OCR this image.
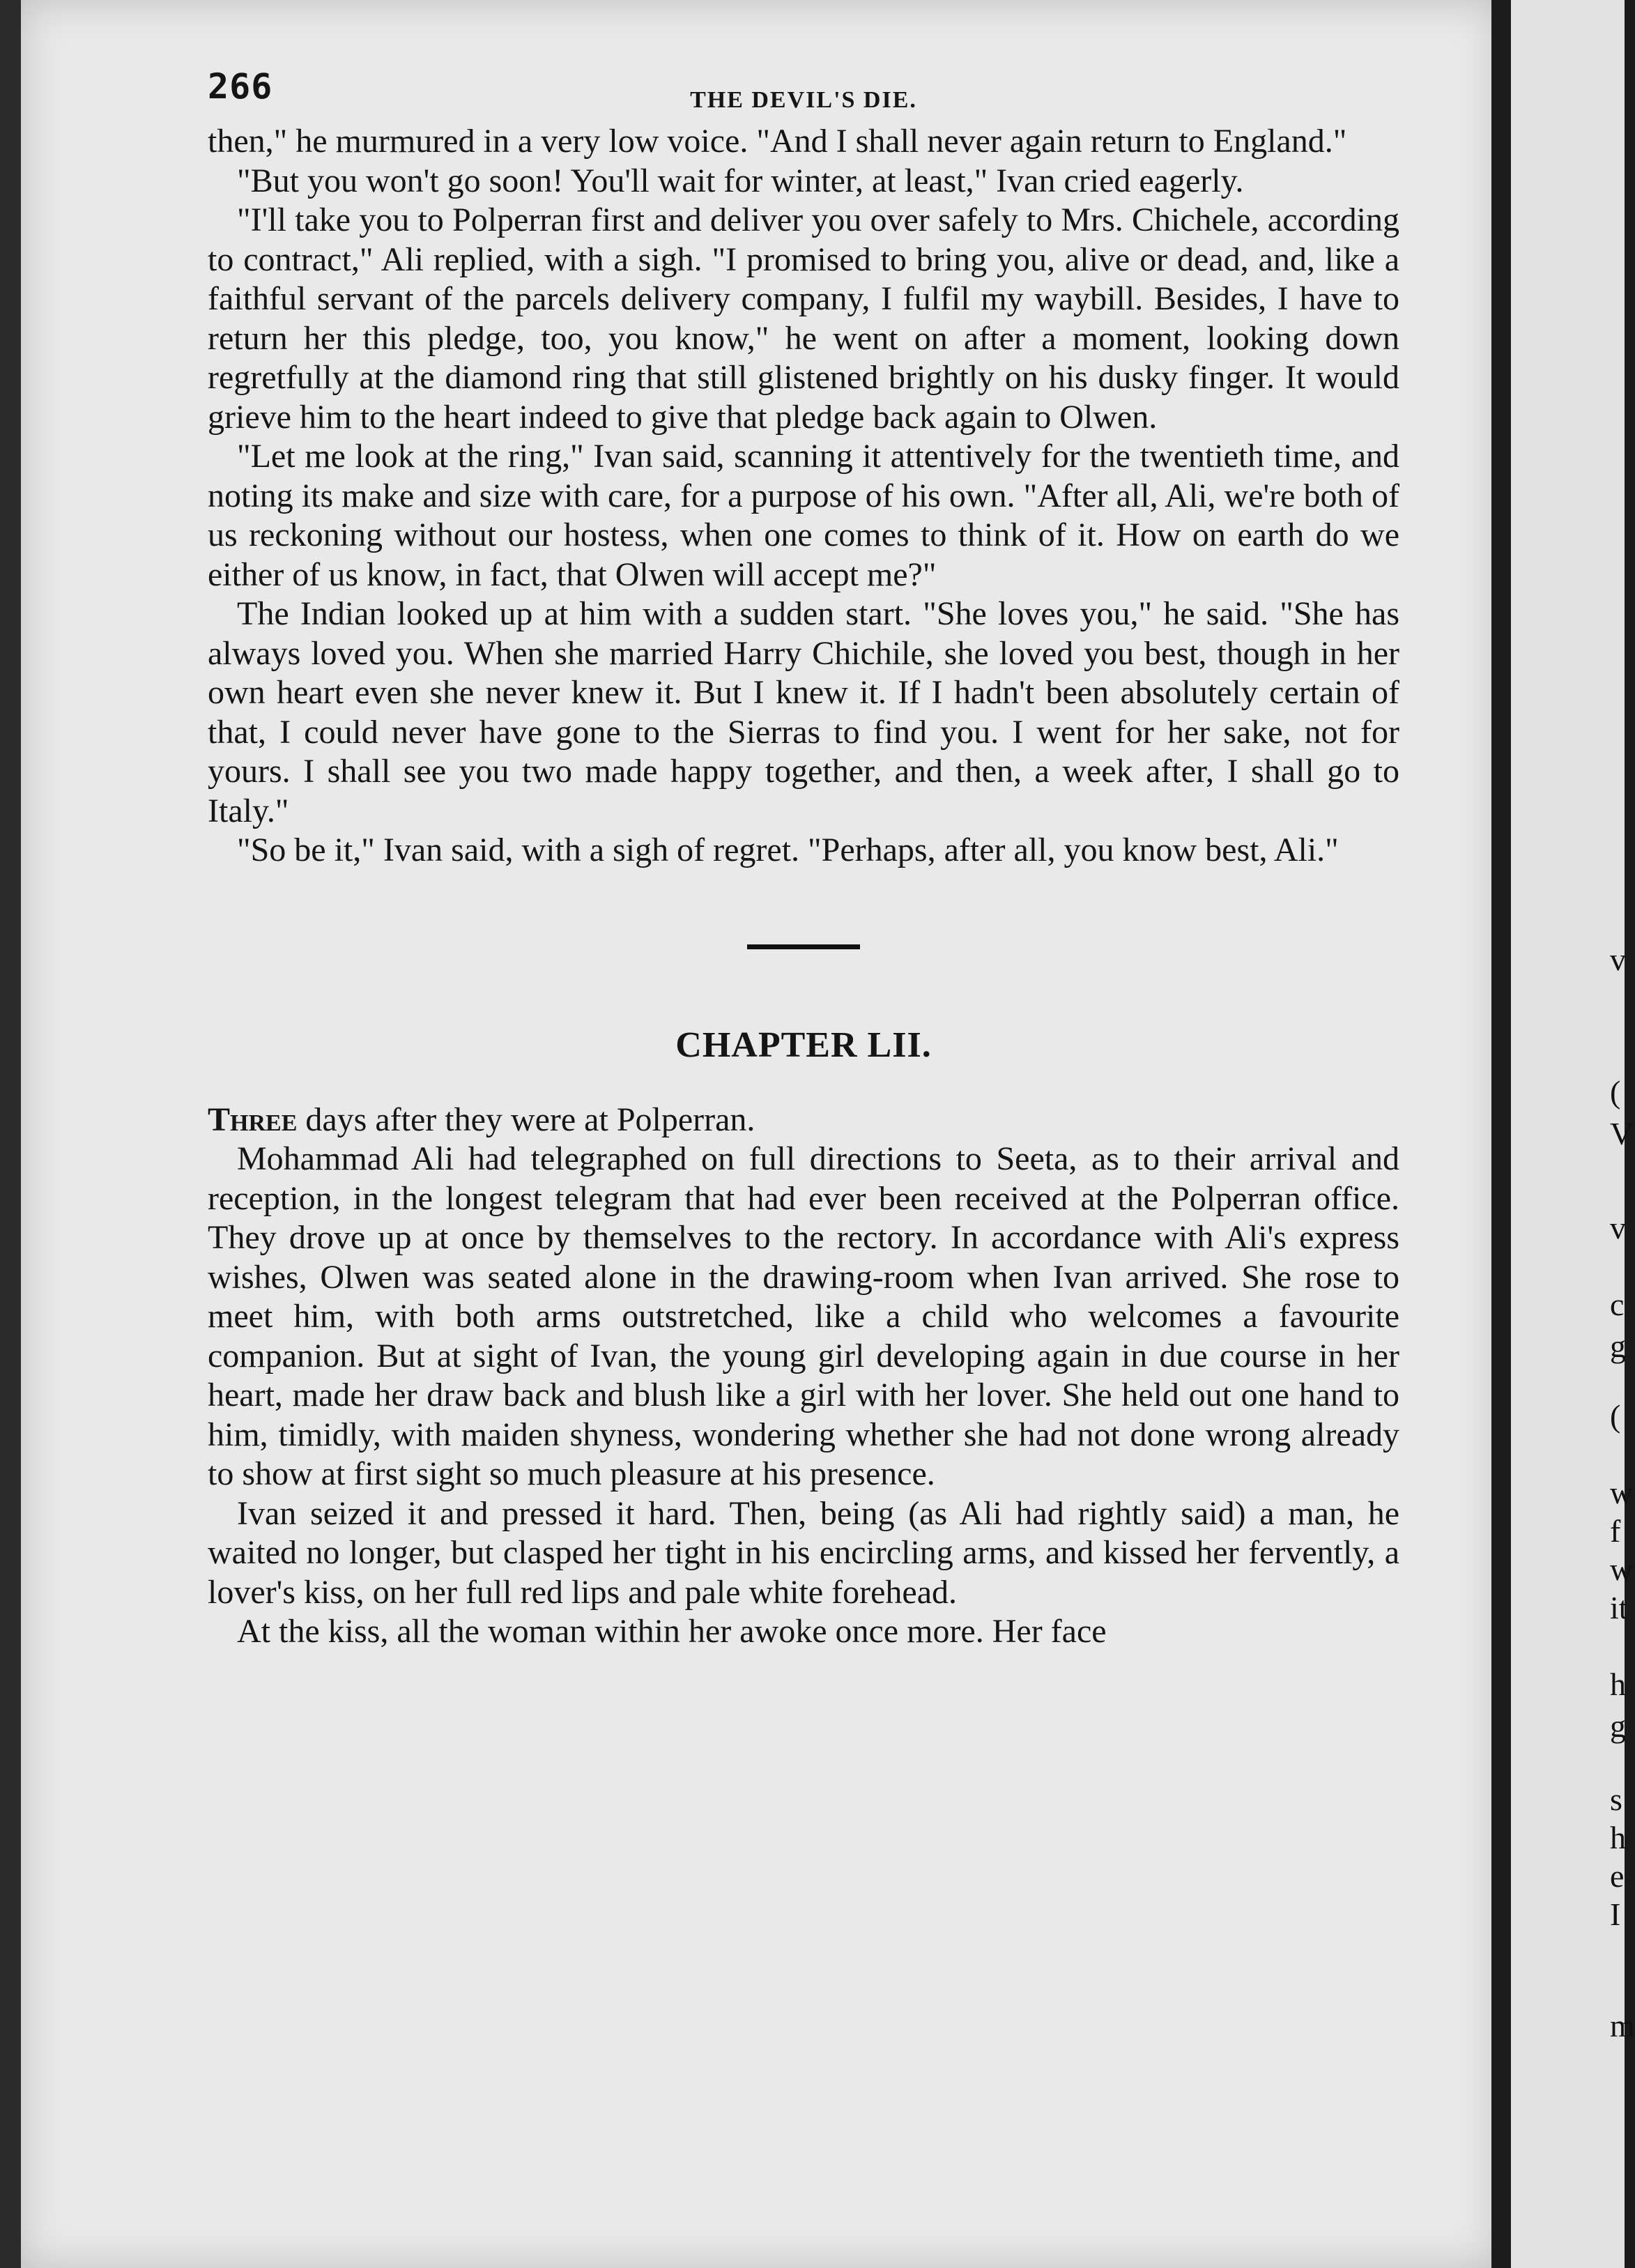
266	THE DEVIL'S DIE.

then," he murmured in a very low voice. "And I shall never again return to England."

"But you won't go soon! You'll wait for winter, at least," Ivan cried eagerly.

"I'll take you to Polperran first and deliver you over safely to Mrs. Chichele, according to contract," Ali replied, with a sigh. "I promised to bring you, alive or dead, and, like a faithful servant of the parcels delivery company, I fulfil my waybill. Besides, I have to return her this pledge, too, you know," he went on after a moment, looking down regretfully at the diamond ring that still glistened brightly on his dusky finger. It would grieve him to the heart indeed to give that pledge back again to Olwen.

"Let me look at the ring," Ivan said, scanning it attentively for the twentieth time, and noting its make and size with care, for a purpose of his own. "After all, Ali, we're both of us reckoning without our hostess, when one comes to think of it. How on earth do we either of us know, in fact, that Olwen will accept me?"

The Indian looked up at him with a sudden start. "She loves you," he said. "She has always loved you. When she married Harry Chichile, she loved you best, though in her own heart even she never knew it. But I knew it. If I hadn't been absolutely certain of that, I could never have gone to the Sierras to find you. I went for her sake, not for yours. I shall see you two made happy together, and then, a week after, I shall go to Italy."

"So be it," Ivan said, with a sigh of regret. "Perhaps, after all, you know best, Ali."

CHAPTER LII.

Three days after they were at Polperran.

Mohammad Ali had telegraphed on full directions to Seeta, as to their arrival and reception, in the longest telegram that had ever been received at the Polperran office. They drove up at once by themselves to the rectory. In accordance with Ali's express wishes, Olwen was seated alone in the drawing-room when Ivan arrived. She rose to meet him, with both arms outstretched, like a child who welcomes a favourite companion. But at sight of Ivan, the young girl developing again in due course in her heart, made her draw back and blush like a girl with her lover. She held out one hand to him, timidly, with maiden shyness, wondering whether she had not done wrong already to show at first sight so much pleasure at his presence.

Ivan seized it and pressed it hard. Then, being (as Ali had rightly said) a man, he waited no longer, but clasped her tight in his encircling arms, and kissed her fervently, a lover's kiss, on her full red lips and pale white forehead.

At the kiss, all the woman within her awoke once more. Her face

v
(
V
v
c
g
(
w
f
w
it
h
g
s
h
e
I
m
